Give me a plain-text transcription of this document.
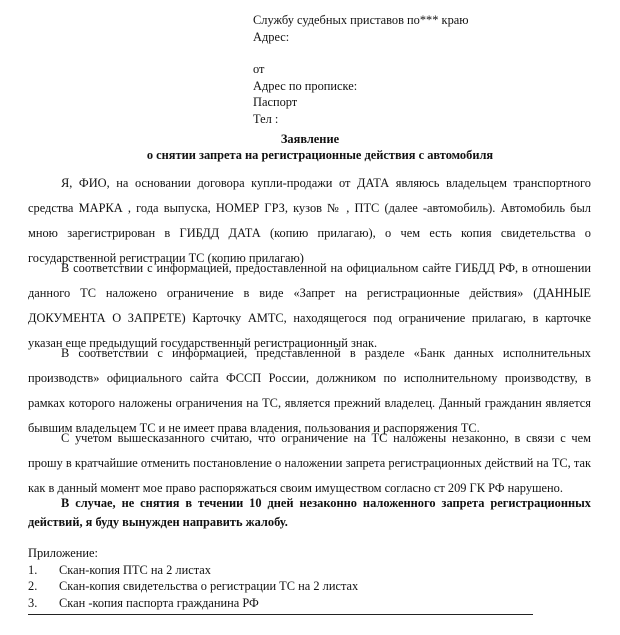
Службу судебных приставов по*** краю
Адрес:
от
Адрес по прописке:
Паспорт
Тел :
Заявление
о снятии запрета на регистрационные действия с автомобиля

Я, ФИО, на основании договора купли-продажи от ДАТА являюсь владельцем транспортного средства МАРКА , года выпуска, НОМЕР ГРЗ, кузов № , ПТС (далее -автомобиль). Автомобиль был мною зарегистрирован в ГИБДД ДАТА (копию прилагаю), о чем есть копия свидетельства о государственной регистрации ТС (копию прилагаю)

В соответствии с информацией, предоставленной на официальном сайте ГИБДД РФ, в отношении данного ТС наложено ограничение в виде «Запрет на регистрационные действия» (ДАННЫЕ ДОКУМЕНТА О ЗАПРЕТЕ) Карточку АМТС, находящегося под ограничение прилагаю, в карточке указан еще предыдущий государственный регистрационный знак.

В соответствии с информацией, представленной в разделе «Банк данных исполнительных производств» официального сайта ФССП России, должником по исполнительному производству, в рамках которого наложены ограничения на ТС, является прежний владелец. Данный гражданин является бывшим владельцем ТС и не имеет права владения, пользования и распоряжения ТС.

С учетом вышесказанного считаю, что ограничение на ТС наложены незаконно, в связи с чем прошу в кратчайшие отменить постановление о наложении запрета регистрационных действий на ТС, так как в данный момент мое право распоряжаться своим имуществом согласно ст 209 ГК РФ нарушено.

В случае, не снятия в течении 10 дней незаконно наложенного запрета регистрационных действий, я буду вынужден направить жалобу.

Приложение:
1.	Скан-копия ПТС на 2 листах
2.	Скан-копия свидетельства о регистрации ТС на 2 листах
3.	Скан -копия паспорта гражданина РФ
